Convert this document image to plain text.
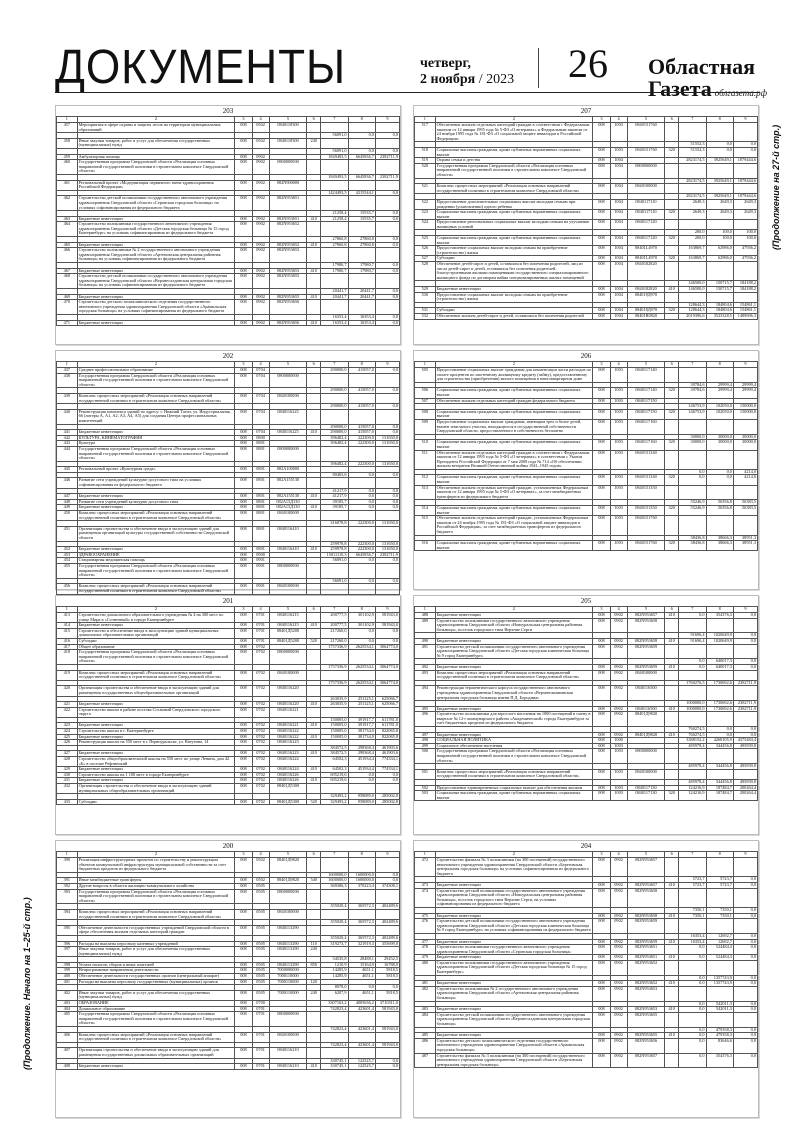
ДОКУМЕНТЫ	четверг,
2 ноября / 2023	26	Областная
Газета облгазета.рф
203
1	2	3	4	5	6	7	8	9
457	Мероприятия в сфере охраны и защиты лесов на территории муниципальных образований	008	0502	0840118300				
						56091,0	0,0	0,0
458	Иные закупки товаров, работ и услуг для обеспечения государственных (муниципальных) нужд	008	0502	0840118300	240			
						56091,0	0,0	0,0
459	Амбулаторная помощь	008	0902			1849493,5	6645836,7	2382711,9
460	Государственная программа Свердловской области «Реализация основных направлений государственной политики в строительном комплексе Свердловской области»	008	0902	0800000000				
						1849493,5	6645836,7	2382711,9
461	Региональный проект «Модернизация первичного звена здравоохранения Российской Федерации»	008	0902	082N900000				
						1424493,5	4215544,1	0,0
462	Строительство детской поликлиники государственного автономного учреждения здравоохранения Свердловской области «Серовская городская больница» на условиях софинансирования из федерального бюджета	008	0902	082N953651				
						21258,4	15535,7	0,0
463	Бюджетные инвестиции	008	0902	082N953651	410	21258,4	15535,7	0,0
464	Строительство поликлиники государственного автономного учреждения здравоохранения Свердловской области «Детская городская больница № 15 город Екатеринбург» на условиях софинансирования из федерального бюджета	008	0902	082N953652				
						27860,8	27860,8	0,0
465	Бюджетные инвестиции	008	0902	082N953652	410	27860,8	27860,8	0,0
466	Строительство поликлиники № 2 государственного автономного учреждения здравоохранения Свердловской области «Артемовская центральная районная больница» на условиях софинансирования из федерального бюджета	008	0902	082N953653				
						17980,7	17980,7	0,0
467	Бюджетные инвестиции	008	0902	082N953653	410	17980,7	17980,7	0,0
468	Строительство детской поликлиники государственного автономного учреждения здравоохранения Свердловской области «Верхнесалдинская центральная городская больница» на условиях софинансирования из федерального бюджета	008	0902	082N953655				
						20441,7	20441,7	0,0
469	Бюджетные инвестиции	008	0902	082N953655	410	20441,7	20441,7	0,0
470	Строительство детского поликлинического отделения государственного автономного учреждения здравоохранения Свердловской области «Арамильская городская больница» на условиях софинансирования из федерального бюджета	008	0902	082N953656				
						16353,4	16353,4	0,0
471	Бюджетные инвестиции	008	0902	082N953656	410	16353,4	16353,4	0,0
207
1	2	3	4	5	6	7	8	9
517	Обеспечение жильем отдельных категорий граждан в соответствии с Федеральным законом от 12 января 1995 года № 5-ФЗ «О ветеранах» и Федеральным законом от 24 ноября 1995 года № 181-ФЗ «О социальной защите инвалидов в Российской Федерации»	008	1003	0840151760				
						51552,3	0,0	0,0
518	Социальные выплаты гражданам, кроме публичных нормативных социальных выплат	008	1003	0840151760	320	51552,3	0,0	0,0
519	Охрана семьи и детства	008	1004			2823174,5	3925649,1	1879444,6
520	Государственная программа Свердловской области «Реализация основных направлений государственной политики в строительном комплексе Свердловской области»	008	1004	0800000000				
						2823174,5	3925649,1	1879444,6
521	Комплекс процессных мероприятий «Реализация основных направлений государственной политики в строительном комплексе Свердловской области»	008	1004	0840100000				
						2823174,5	3925649,1	1879444,6
522	Предоставление дополнительных социальных выплат молодым семьям при рождении (усыновлении) одного ребенка	008	1004	0840117110		2649,3	2649,3	2649,3
523	Социальные выплаты гражданам, кроме публичных нормативных социальных выплат	008	1004	0840117110	320	2649,3	2649,3	2649,3
524	Предоставление региональных социальных выплат молодым семьям на улучшение жилищных условий	008	1004	0840117120				
						200,0	100,0	100,0
525	Социальные выплаты гражданам, кроме публичных нормативных социальных выплат	008	1004	0840117120	320	200,0	100,0	100,0
526	Предоставление социальных выплат молодым семьям на приобретение (строительство) жилья	008	1004	08401L4970		163869,7	62986,0	47936,2
527	Субсидии	008	1004	08401L4970	320	163869,7	62986,0	47936,2
528	Обеспечение детей-сирот и детей, оставшихся без попечения родителей, лиц из числа детей-сирот и детей, оставшихся без попечения родителей, благоустроенными жилыми помещениями государственного специализированного жилищного фонда по договорам найма специализированных жилых помещений	008	1004	0840182820				
						146500,0	150715,7	184188,2
529	Бюджетные инвестиции	008	1004	0840182820	410	146500,0	150715,7	184188,2
530	Предоставление социальных выплат молодым семьям на приобретение (строительство) жилья	008	1004	084018Д970				
						128644,3	184804,6	154861,1
531	Субсидии	008	1004	084018Д970	320	128644,3	184804,6	154861,1
532	Обеспечение жильем детей-сирот и детей, оставшихся без попечения родителей	008	1004	08401R0820		2019396,6	3523328,5	1489696,3
202
1	2	3	4	5	6	7	8	9
437	Среднее профессиональное образование	008	0704			290000,0	415057,0	0,0
438	Государственная программа Свердловской области «Реализация основных направлений государственной политики в строительном комплексе Свердловской области»	008	0704	0800000000				
						290000,0	415057,0	0,0
439	Комплекс процессных мероприятий «Реализация основных направлений государственной политики в строительном комплексе Свердловской области»	008	0704	0840100000				
						290000,0	415057,0	0,0
440	Реконструкция комплекса зданий по адресу: г. Нижний Тагил, ул. Индустриальная, 66 (литеры А, А1, А2, А3, А4, А5) для создания Центра профессиональных компетенций	008	0704	0840116225				
						290000,0	415057,0	0,0
441	Бюджетные инвестиции	008	0704	0840116225	410	290000,0	415057,0	0,0
442	КУЛЬТУРА, КИНЕМАТОГРАФИЯ	008	0800			396482,4	222300,0	131650,0
443	Культура	008	0801			396482,4	222300,0	131650,0
444	Государственная программа Свердловской области «Реализация основных направлений государственной политики в строительном комплексе Свердловской области»	008	0801	0800000000				
						396482,4	222300,0	131650,0
445	Региональный проект «Культурная среда»	008	0801	082A100000				
						80403,6	0,0	0,0
446	Развитие сети учреждений культурно-досугового типа на условиях софинансирования из федерального бюджета	008	0801	082A155130				
						41217,9	0,0	0,0
447	Бюджетные инвестиции	008	0801	082A155130	410	41217,9	0,0	0,0
448	Развитие сети учреждений культурно-досугового типа	008	0801	082A15Д130		39185,7	0,0	0,0
449	Бюджетные инвестиции	008	0801	082A15Д130	410	39185,7	0,0	0,0
450	Комплекс процессных мероприятий «Реализация основных направлений государственной политики в строительном комплексе Свердловской области»	008	0801	0840100000				
						316078,8	222300,0	131650,0
451	Организация строительства и обеспечение ввода в эксплуатацию зданий для размещения организаций культуры государственной собственности Свердловской области	008	0801	0840116410				
						259978,8	222300,0	131650,0
452	Бюджетные инвестиции	008	0801	0840116410	410	259978,8	222300,0	131650,0
453	ЗДРАВООХРАНЕНИЕ	008	0900			15011110,3	6645836,7	2382711,9
454	Стационарная медицинская помощь	008	0901			56091,0	0,0	0,0
455	Государственная программа Свердловской области «Реализация основных направлений государственной политики в строительном комплексе Свердловской области»	008	0901	0800000000				
						56091,0	0,0	0,0
456	Комплекс процессных мероприятий «Реализация основных направлений государственной политики в строительном комплексе Свердловской области»	008	0901	0840100000				

206
1	2	3	4	5	6	7	8	9
505	Предоставление социальных выплат гражданам для компенсации части расходов по оплате процентов по ипотечному жилищному кредиту (займу), предоставленному для строительства (приобретения) жилого помещения в многоквартирном доме	008	1003	0840117140				
						39784,6	29999,4	29999,4
506	Социальные выплаты гражданам, кроме публичных нормативных социальных выплат	008	1003	0840117140	320	39784,6	29999,4	29999,4
507	Обеспечение жильем отдельных категорий граждан федерального бюджета	008	1003	0840117150				
						146753,9	102050,0	150000,0
508	Социальные выплаты гражданам, кроме публичных нормативных социальных выплат	008	1003	0840117150	320	146753,9	102050,0	150000,0
509	Предоставление социальных выплат гражданам, имеющим трех и более детей, взамен земельного участка, находящегося в государственной собственности Свердловской области, предоставленного в собственность бесплатно	008	1003	0840117160				
						30000,0	30000,0	30000,0
510	Социальные выплаты гражданам, кроме публичных нормативных социальных выплат	008	1003	0840117160	320	30000,0	30000,0	30000,0
511	Обеспечение жильем отдельных категорий граждан в соответствии с Федеральным законом от 12 января 1995 года № 5-ФЗ «О ветеранах» в соответствии с Указом Президента Российской Федерации от 7 мая 2008 года № 714 «Об обеспечении жильем ветеранов Великой Отечественной войны 1941–1945 годов»	008	1003	0840151340				
						0,0	0,0	4214,0
512	Социальные выплаты гражданам, кроме публичных нормативных социальных выплат	008	1003	0840151340	320	0,0	0,0	4214,0
513	Обеспечение жильем отдельных категорий граждан, установленных Федеральным законом от 12 января 1995 года № 5-ФЗ «О ветеранах», за счет межбюджетных трансфертов из федерального бюджета	008	1003	0840151350				
						55246,9	56356,8	56383,5
514	Социальные выплаты гражданам, кроме публичных нормативных социальных выплат	008	1003	0840151350	320	55246,9	56356,8	56383,5
515	Обеспечение жильем отдельных категорий граждан, установленных Федеральным законом от 24 ноября 1995 года № 181-ФЗ «О социальной защите инвалидов в Российской Федерации», за счет межбюджетных трансфертов из федерального бюджета	008	1003	0840151760				
						38436,8	38666,3	38951,3
516	Социальные выплаты гражданам, кроме публичных нормативных социальных выплат	008	1003	0840151760	320	38436,8	38666,3	38951,3
201
1	2	3	4	5	6	7	8	9
413	Строительство дошкольного образовательного учреждения № 4 на 300 мест по улице Мира в «Солнечный» в городе Екатеринбурге	008	0701	0840116215		200777,5	301102,9	581943,0
414	Бюджетные инвестиции	008	0701	0840116215	410	200777,5	301102,9	581943,0
415	Строительство и обеспечение ввода в эксплуатацию зданий муниципальных дошкольных образовательных организаций	008	0701	08401Д5200		217260,0	0,0	0,0
416	Субсидии	008	0701	08401Д5200	520	217260,0	0,0	0,0
417	Общее образование	008	0702			1757336,9	2625534,1	3064774,0
418	Государственная программа Свердловской области «Реализация основных направлений государственной политики в строительном комплексе Свердловской области»	008	0702	0800000000				
						1757336,9	2625534,1	3064774,0
419	Комплекс процессных мероприятий «Реализация основных направлений государственной политики в строительном комплексе Свердловской области»	008	0702	0840100000				
						1757336,9	2625534,1	3064774,0
420	Организация строительства и обеспечение ввода в эксплуатацию зданий для размещения государственных общеобразовательных организаций	008	0702	0840116220				
						263035,9	251125,1	625066,7
421	Бюджетные инвестиции	008	0702	0840116220	410	263035,9	251125,1	625066,7
422	Строительство школы в районе поселка Сосновый Свердловского городского округа	008	0702	0840116221				
						150005,0	391917,7	611781,0
423	Бюджетные инвестиции	008	0702	0840116221	410	150005,0	391917,7	611781,0
424	Строительство школы в г. Екатеринбурге	008	0702	0840116222		150005,0	381734,0	822065,8
425	Бюджетные инвестиции	008	0702	0840116222	410	150005,0	381734,0	822065,8
426	Реконструкция школы на 550 мест в г. Первоуральске, ул. Ватутина, 14	008	0702	0840116223				
						384572,5	298368,4	461903,6
427	Бюджетные инвестиции	008	0702	0840116223	410	384572,5	298368,4	461903,6
428	Строительство общеобразовательной школы на 550 мест по улице Ленина, дом 42 «Б» в поселке Рефтинский	008	0702	0840116224		64502,3	451934,4	774334,1
429	Бюджетные инвестиции	008	0702	0840116224	410	64502,3	451934,4	774334,1
430	Строительство школы на 1 100 мест в городе Екатеринбурге	008	0702	0840116226		695219,6	0,0	0,0
431	Бюджетные инвестиции	008	0702	0840116226	410	695219,6	0,0	0,0
432	Организация строительства и обеспечение ввода в эксплуатацию зданий муниципальных общеобразовательных организаций	008	0702	08401Д5300				
						329493,2	958089,0	285002,8
433	Субсидии	008	0702	08401Д5300	520	329493,2	958089,0	285002,8
205
1	2	3	4	5	6	7	8	9
488	Бюджетные инвестиции	008	0902	082N953657	410	0,0	354376,3	0,0
489	Строительство поликлиники государственного автономного учреждения здравоохранения Свердловской области «Новоуральская центральная районная больница», поселок городского типа Верхние Серги	008	0902	082N953658				
						91696,4	1020649,9	0,0
490	Бюджетные инвестиции	008	0902	082N953658	410	91696,4	1020649,9	0,0
491	Строительство детской поликлиники государственного автономного учреждения здравоохранения Свердловской области «Детская городская клиническая больница № 9 город Екатеринбург»	008	0902	082N953659				
						0,0	640017,3	0,0
492	Бюджетные инвестиции	008	0902	082N953659	410	0,0	640017,3	0,0
493	Комплекс процессных мероприятий «Реализация основных направлений государственной политики в строительном комплексе Свердловской области»	008	0902	0840100000				
						1760276,5	1730692,6	2382711,9
494	Реконструкция терапевтического корпуса государственного автономного учреждения здравоохранения Свердловской области «Верхнепышминская центральная городская больница имени П.Д. Бородина»	008	0902	0840116500				
						1000000,0	1730692,6	2382711,9
495	Бюджетные инвестиции	008	0902	0840116500	410	1000000,0	1730692,6	2382711,9
496	Строительство поликлиники для взрослого населения на 1000 посещений в смену в квартале № 12-г коммунарского района «Академический» города Екатеринбурга за счет бюджетных кредитов из федерального бюджета	008	0902	08401Д9820				
						760274,5	0,0	0,0
497	Бюджетные инвестиции	008	0902	08401Д9820	410	760274,5	0,0	0,0
498	СОЦИАЛЬНАЯ ПОЛИТИКА	008	1000			3388152,2	4268105,9	4375484,4
499	Социальное обеспечение населения	008	1003			485978,4	344456,8	495839,8
500	Государственная программа Свердловской области «Реализация основных направлений государственной политики в строительном комплексе Свердловской области»	008	1003	0800000000				
						485978,4	344456,8	495839,8
501	Комплекс процессных мероприятий «Реализация основных направлений государственной политики в строительном комплексе Свердловской области»	008	1003	0840100000				
						485978,4	344456,8	495839,8
502	Предоставление единовременных социальных выплат для обеспечения жильем	008	1003	0840117130		124216,9	187484,7	200264,4
503	Социальные выплаты гражданам, кроме публичных нормативных социальных выплат	008	1003	0840117130	320	124216,9	187484,7	200264,4
200
1	2	3	4	5	6	7	8	9
390	Реализация инфраструктурных проектов по строительству и реконструкции объектов коммунальной инфраструктуры муниципальной собственности за счет бюджетных кредитов из федерального бюджета	008	0502	08401Д9820				
						1600000,0	1600000,0	0,0
391	Иные межбюджетные трансферты	008	0502	08401Д9820	540	1600000,0	1600000,0	0,0
392	Другие вопросы в области жилищно-коммунального хозяйства	008	0505			369306,3	370223,4	374308,1
393	Государственная программа Свердловской области «Реализация основных направлений государственной политики в строительном комплексе Свердловской области»	008	0505	0800000000				
						355020,4	365572,3	402489,6
394	Комплекс процессных мероприятий «Реализация основных направлений государственной политики в строительном комплексе Свердловской области»	008	0505	0840100000				
						355020,4	365572,3	402489,6
395	Обеспечение деятельности государственных учреждений Свердловской области в сфере обеспечения жильем отдельных категорий граждан	008	0505	0840113290				
						355020,4	365572,3	402489,6
396	Расходы на выплаты персоналу казенных учреждений	008	0505	0840113290	110	319273,7	321919,3	355699,0
397	Иные закупки товаров, работ и услуг для обеспечения государственных (муниципальных) нужд	008	0505	0840113290	240			
						34535,8	28488,1	29452,5
398	Уплата налогов, сборов и иных платежей	008	0505	0840113290	850	1210,9	15164,9	16788,0
399	Непрограммные направления деятельности	008	0505	7000000000		14285,9	4651,1	5818,5
400	Обеспечение деятельности государственных органов (центральный аппарат)	008	0505	7000110000		14285,9	4651,1	5818,5
401	Расходы на выплаты персоналу государственных (муниципальных) органов	008	0505	7000110000	120			
						8078,0	0,0	0,0
402	Иные закупки товаров, работ и услуг для обеспечения государственных (муниципальных) нужд	008	0505	7000110000	240	6207,9	4651,1	5818,5
403	ОБРАЗОВАНИЕ	008	0700			3307163,2	4005636,2	3710311,0
404	Дошкольное образование	008	0701			742823,4	423601,4	581943,0
405	Государственная программа Свердловской области «Реализация основных направлений государственной политики в строительном комплексе Свердловской области»	008	0701	0800000000				
						742823,4	423601,4	581943,0
406	Комплекс процессных мероприятий «Реализация основных направлений государственной политики в строительном комплексе Свердловской области»	008	0701	0840100000				
						742823,4	423601,4	581943,0
407	Организация строительства и обеспечение ввода в эксплуатацию зданий для размещения государственных дошкольных образовательных организаций	008	0701	0840116210				
						330745,1	122525,7	0,0
408	Бюджетные инвестиции	008	0701	0840116210	410	330745,1	122525,7	0,0
204
1	2	3	4	5	6	7	8	9
472	Строительство филиала № 3 поликлиники (на 300 посещений) государственного автономного учреждения здравоохранения Свердловской области «Березовская центральная городская больница» на условиях софинансирования из федерального бюджета	008	0902	082N953657				
						5723,7	5723,7	0,0
473	Бюджетные инвестиции	008	0902	082N953657	410	5723,7	5723,7	0,0
474	Строительство детской поликлиники государственного автономного учреждения здравоохранения Свердловской области «Новоуральская центральная районная больница», поселок городского типа Верхние Серги, на условиях софинансирования из федерального бюджета	008	0902	082N953658				
						7350,1	7350,1	0,0
475	Бюджетные инвестиции	008	0902	082N953658	410	7350,1	7350,1	0,0
476	Строительство детской поликлиники государственного автономного учреждения здравоохранения Свердловской области «Детская городская клиническая больница № 9 город Екатеринбург» на условиях софинансирования из федерального бюджета	008	0902	082N953659				
						16353,4	12692,7	0,0
477	Бюджетные инвестиции	008	0902	082N953659	410	16353,4	12692,7	0,0
478	Строительство поликлиники государственного автономного учреждения здравоохранения Свердловской области «Серовская городская больница»	008	0902	082N953651		0,0	524484,3	0,0
479	Бюджетные инвестиции	008	0902	082N953651	410	0,0	524484,3	0,0
480	Строительство поликлиники государственного автономного учреждения здравоохранения Свердловской области «Детская городская больница № 15 город Екатеринбург»	008	0902	082N953652				
						0,0	1357743,9	0,0
481	Бюджетные инвестиции	008	0902	082N953652	410	0,0	1357743,9	0,0
482	Строительство поликлиники № 2 государственного автономного учреждения здравоохранения Свердловской области «Артемовская центральная районная больница»	008	0902	082N953653				
						0,0	542011,3	0,0
483	Бюджетные инвестиции	008	0902	082N953653	410	0,0	542011,3	0,0
484	Строительство детской поликлиники государственного автономного учреждения здравоохранения Свердловской области «Верхнесалдинская центральная городская больница»	008	0902	082N953655				
						0,0	479358,3	0,0
485	Бюджетные инвестиции	008	0902	082N953655	410	0,0	479358,3	0,0
486	Строительство детского поликлинического отделения государственного автономного учреждения здравоохранения Свердловской области «Арамильская городская больница»	008	0902	082N953656		0,0	83646,6	0,0
487	Строительство филиала № 3 поликлиники (на 300 посещений) государственного автономного учреждения здравоохранения Свердловской области «Березовская центральная городская больница»	008	0902	082N953657		0,0	354376,3	0,0
(Продолжение на 27-й стр.)
(Продолжение. Начало на 1–25-й стр.)
